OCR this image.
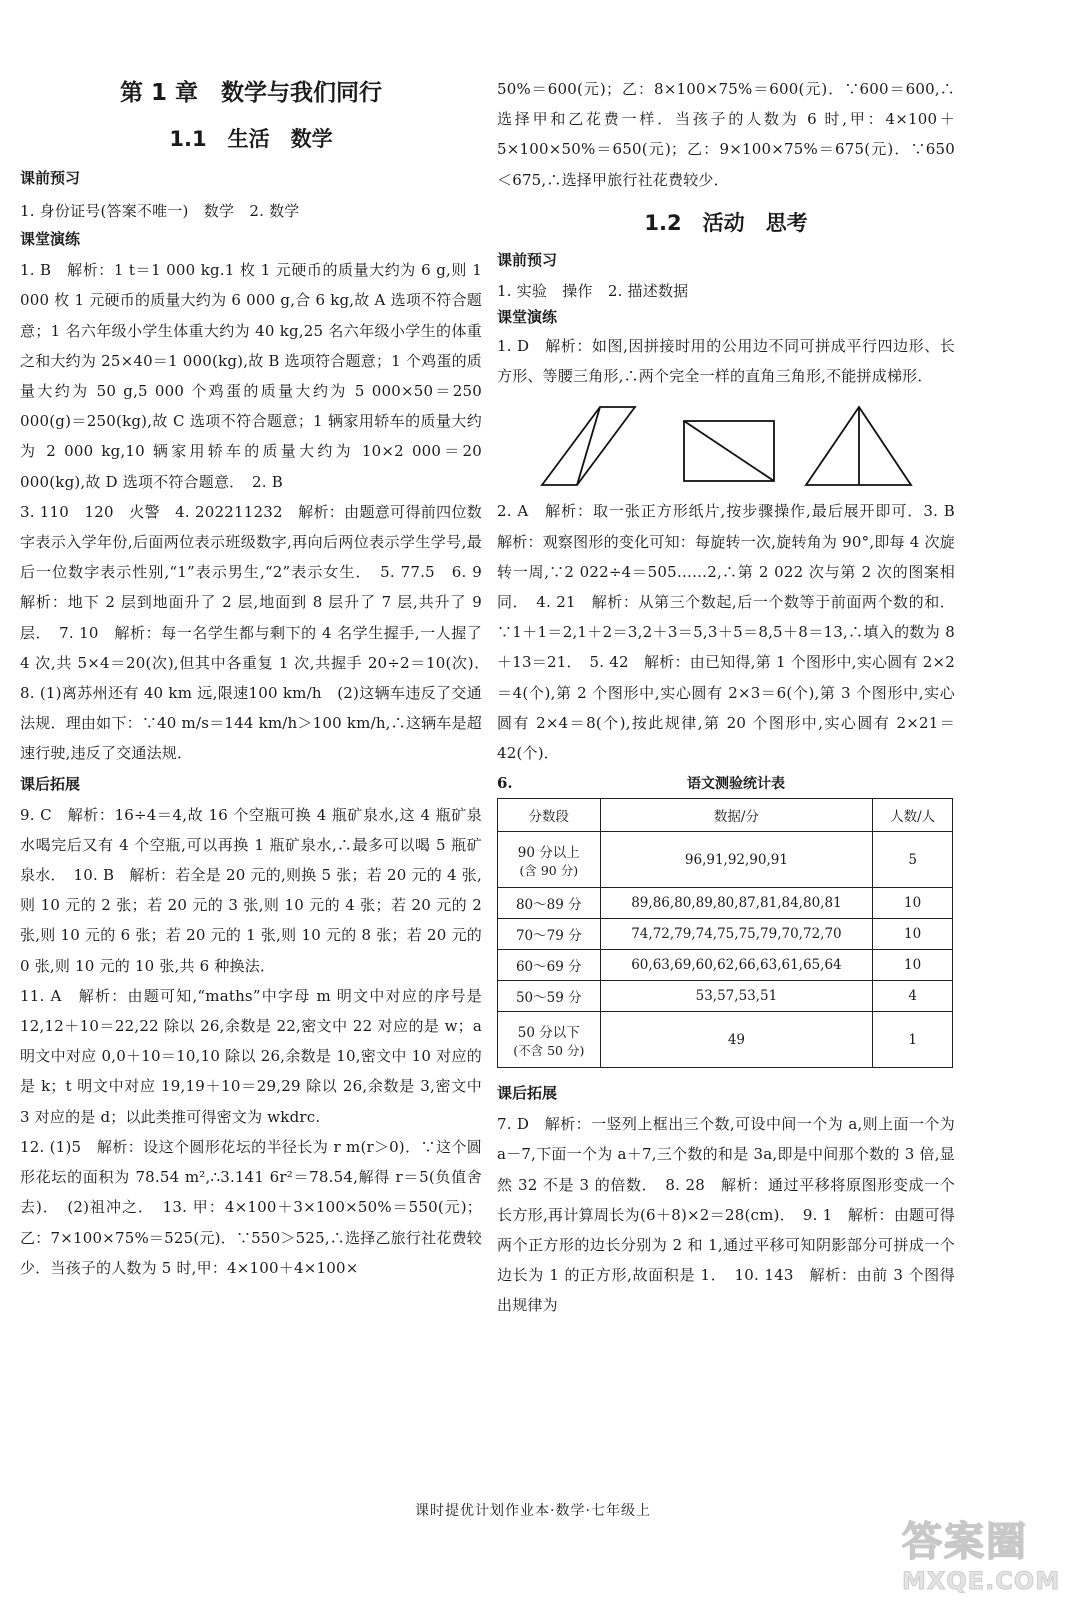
第 1 章　数学与我们同行
1.1　生活　数学
课前预习

1. 身份证号(答案不唯一)　数学　2. 数学

课堂演练

1. B　解析：1 t＝1 000 kg.1 枚 1 元硬币的质量大约为 6 g,则 1 000 枚 1 元硬币的质量大约为 6 000 g,合 6 kg,故 A 选项不符合题意；1 名六年级小学生体重大约为 40 kg,25 名六年级小学生的体重之和大约为 25×40＝1 000(kg),故 B 选项符合题意；1 个鸡蛋的质量大约为 50 g,5 000 个鸡蛋的质量大约为 5 000×50＝250 000(g)＝250(kg),故 C 选项不符合题意；1 辆家用轿车的质量大约为 2 000 kg,10 辆家用轿车的质量大约为 10×2 000＝20 000(kg),故 D 选项不符合题意．　2. B

3. 110　120　火警　4. 202211232　解析：由题意可得前四位数字表示入学年份,后面两位表示班级数字,再向后两位表示学生学号,最后一位数字表示性别,“1”表示男生,“2”表示女生．　5. 77.5　6. 9　解析：地下 2 层到地面升了 2 层,地面到 8 层升了 7 层,共升了 9 层．　7. 10　解析：每一名学生都与剩下的 4 名学生握手,一人握了 4 次,共 5×4＝20(次),但其中各重复 1 次,共握手 20÷2＝10(次)．　8. (1)离苏州还有 40 km 远,限速100 km/h　(2)这辆车违反了交通法规．理由如下：∵40 m/s＝144 km/h＞100 km/h,∴这辆车是超速行驶,违反了交通法规．

课后拓展

9. C　解析：16÷4＝4,故 16 个空瓶可换 4 瓶矿泉水,这 4 瓶矿泉水喝完后又有 4 个空瓶,可以再换 1 瓶矿泉水,∴最多可以喝 5 瓶矿泉水．　10. B　解析：若全是 20 元的,则换 5 张；若 20 元的 4 张,则 10 元的 2 张；若 20 元的 3 张,则 10 元的 4 张；若 20 元的 2 张,则 10 元的 6 张；若 20 元的 1 张,则 10 元的 8 张；若 20 元的 0 张,则 10 元的 10 张,共 6 种换法．

11. A　解析：由题可知,“maths”中字母 m 明文中对应的序号是 12,12＋10＝22,22 除以 26,余数是 22,密文中 22 对应的是 w；a 明文中对应 0,0＋10＝10,10 除以 26,余数是 10,密文中 10 对应的是 k；t 明文中对应 19,19＋10＝29,29 除以 26,余数是 3,密文中 3 对应的是 d；以此类推可得密文为 wkdrc.

12. (1)5　解析：设这个圆形花坛的半径长为 r m(r＞0)．∵这个圆形花坛的面积为 78.54 m²,∴3.141 6r²＝78.54,解得 r＝5(负值舍去)．　(2)祖冲之．　13. 甲：4×100＋3×100×50%＝550(元)；乙：7×100×75%＝525(元)．∵550＞525,∴选择乙旅行社花费较少．当孩子的人数为 5 时,甲：4×100＋4×100×

50%＝600(元)；乙：8×100×75%＝600(元)．∵600＝600,∴选择甲和乙花费一样．当孩子的人数为 6 时,甲：4×100＋5×100×50%＝650(元)；乙：9×100×75%＝675(元)．∵650＜675,∴选择甲旅行社花费较少．

1.2　活动　思考
课前预习

1. 实验　操作　2. 描述数据

课堂演练

1. D　解析：如图,因拼接时用的公用边不同可拼成平行四边形、长方形、等腰三角形,∴两个完全一样的直角三角形,不能拼成梯形．

2. A　解析：取一张正方形纸片,按步骤操作,最后展开即可．3. B　解析：观察图形的变化可知：每旋转一次,旋转角为 90°,即每 4 次旋转一周,∵2 022÷4＝505……2,∴第 2 022 次与第 2 次的图案相同．　4. 21　解析：从第三个数起,后一个数等于前面两个数的和．∵1＋1＝2,1＋2＝3,2＋3＝5,3＋5＝8,5＋8＝13,∴填入的数为 8＋13＝21．　5. 42　解析：由已知得,第 1 个图形中,实心圆有 2×2＝4(个),第 2 个图形中,实心圆有 2×3＝6(个),第 3 个图形中,实心圆有 2×4＝8(个),按此规律,第 20 个图形中,实心圆有 2×21＝42(个)．

6.	语文测验统计表
分数段	数据/分	人数/人

90 分以上
(含 90 分)	96,91,92,90,91	5
80～89 分	89,86,80,89,80,87,81,84,80,81	10
70～79 分	74,72,79,74,75,75,79,70,72,70	10
60～69 分	60,63,69,60,62,66,63,61,65,64	10
50～59 分	53,57,53,51	4

50 分以下
(不含 50 分)	49	1
课后拓展

7. D　解析：一竖列上框出三个数,可设中间一个为 a,则上面一个为 a－7,下面一个为 a＋7,三个数的和是 3a,即是中间那个数的 3 倍,显然 32 不是 3 的倍数．　8. 28　解析：通过平移将原图形变成一个长方形,再计算周长为(6＋8)×2＝28(cm)．　9. 1　解析：由题可得两个正方形的边长分别为 2 和 1,通过平移可知阴影部分可拼成一个边长为 1 的正方形,故面积是 1．　10. 143　解析：由前 3 个图得出规律为

课时提优计划作业本·数学·七年级上
答案圈
MXQE.COM
